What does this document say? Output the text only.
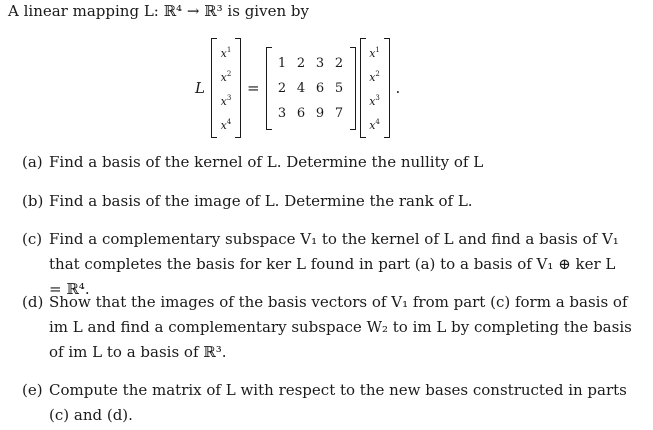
A linear mapping L: ℝ⁴ → ℝ³ is given by
L
$x^1$
$x^2$
$x^3$
$x^4$
=
1 2 3 2
2 4 6 5
3 6 9 7
$x^1$
$x^2$
$x^3$
$x^4$
.
(a) Find a basis of the kernel of L. Determine the nullity of L
(b) Find a basis of the image of L. Determine the rank of L.
(c) Find a complementary subspace V₁ to the kernel of L and find a basis of V₁ that completes the basis for ker L found in part (a) to a basis of V₁ ⊕ ker L = ℝ⁴.
(d) Show that the images of the basis vectors of V₁ from part (c) form a basis of im L and find a complementary subspace W₂ to im L by completing the basis of im L to a basis of ℝ³.
(e) Compute the matrix of L with respect to the new bases constructed in parts (c) and (d).
